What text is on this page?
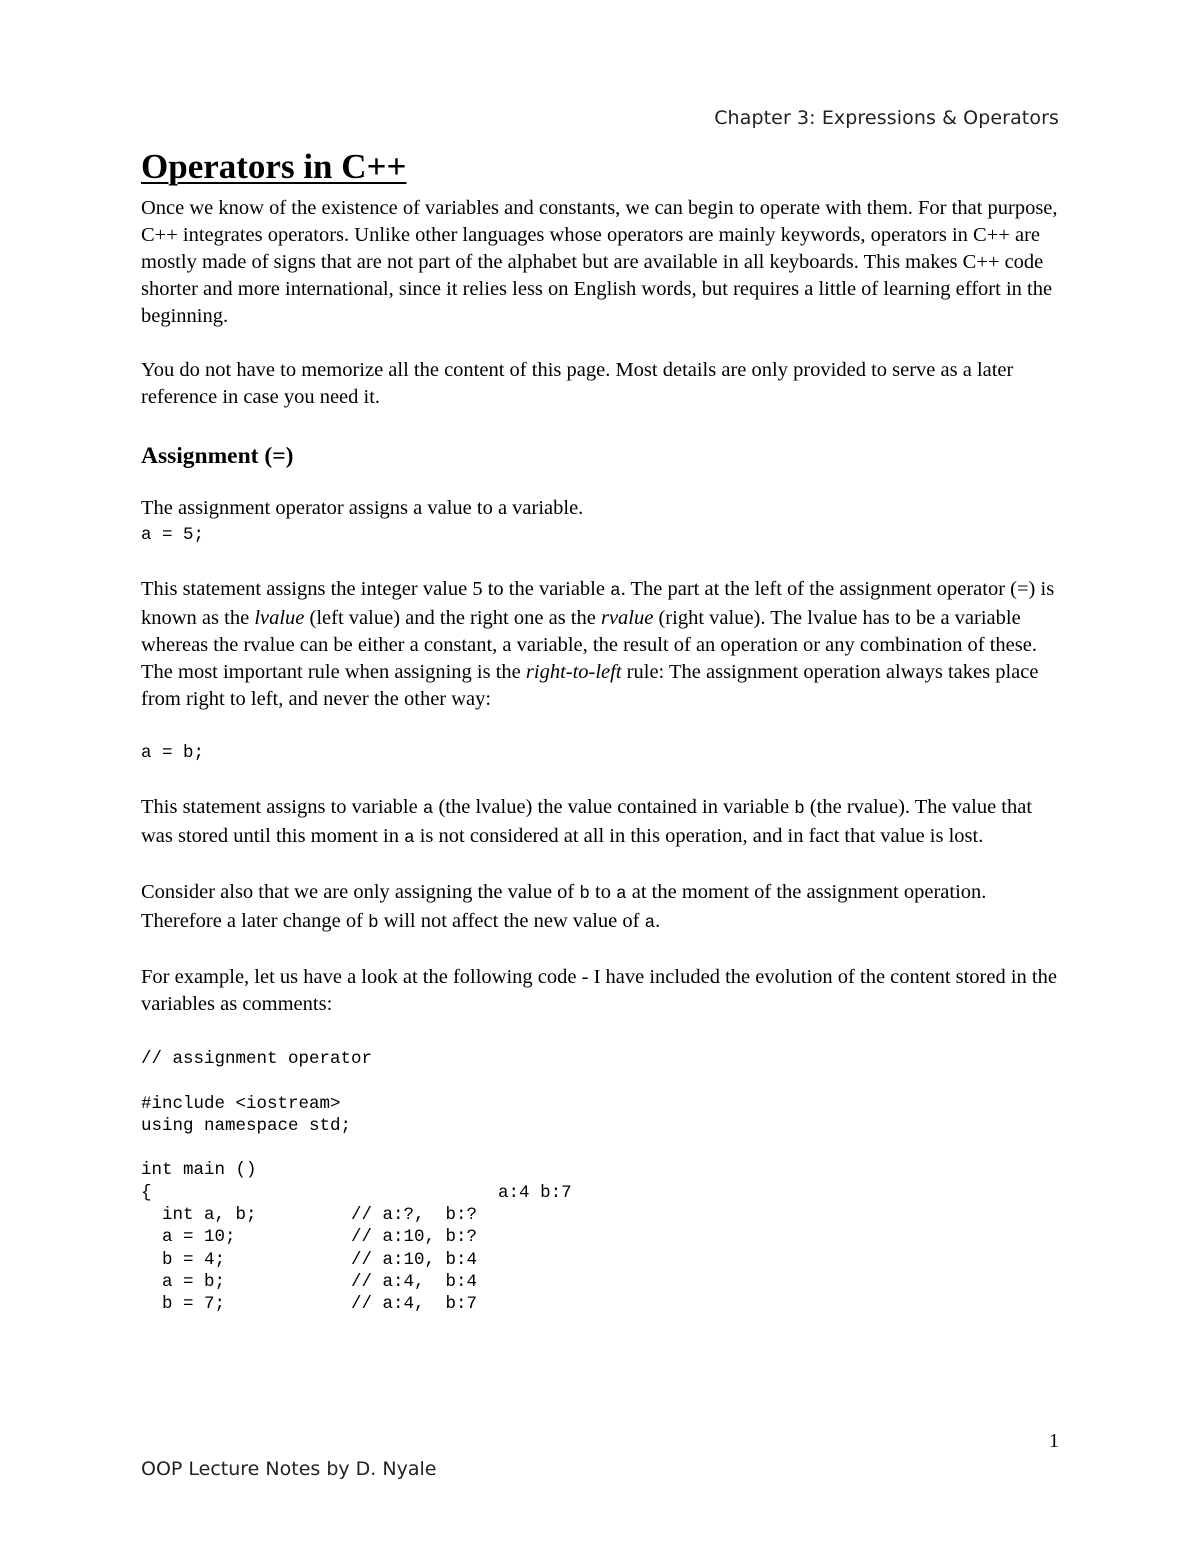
Chapter 3: Expressions & Operators
Operators in C++

Once we know of the existence of variables and constants, we can begin to operate with them. For that purpose, C++ integrates operators. Unlike other languages whose operators are mainly keywords, operators in C++ are mostly made of signs that are not part of the alphabet but are available in all keyboards. This makes C++ code shorter and more international, since it relies less on English words, but requires a little of learning effort in the beginning.

You do not have to memorize all the content of this page. Most details are only provided to serve as a later reference in case you need it.

Assignment (=)

The assignment operator assigns a value to a variable.

a = 5;

This statement assigns the integer value 5 to the variable a. The part at the left of the assignment operator (=) is known as the lvalue (left value) and the right one as the rvalue (right value). The lvalue has to be a variable whereas the rvalue can be either a constant, a variable, the result of an operation or any combination of these.

The most important rule when assigning is the right-to-left rule: The assignment operation always takes place from right to left, and never the other way:

a = b;

This statement assigns to variable a (the lvalue) the value contained in variable b (the rvalue). The value that was stored until this moment in a is not considered at all in this operation, and in fact that value is lost.

Consider also that we are only assigning the value of b to a at the moment of the assignment operation. Therefore a later change of b will not affect the new value of a.

For example, let us have a look at the following code - I have included the evolution of the content stored in the variables as comments:

// assignment operator
#include <iostream>
using namespace std;
int main ()
{                                 a:4 b:7
int a, b;         // a:?,  b:?
a = 10;           // a:10, b:?
b = 4;            // a:10, b:4
a = b;            // a:4,  b:4
b = 7;            // a:4,  b:7
1
OOP Lecture Notes by D. Nyale
